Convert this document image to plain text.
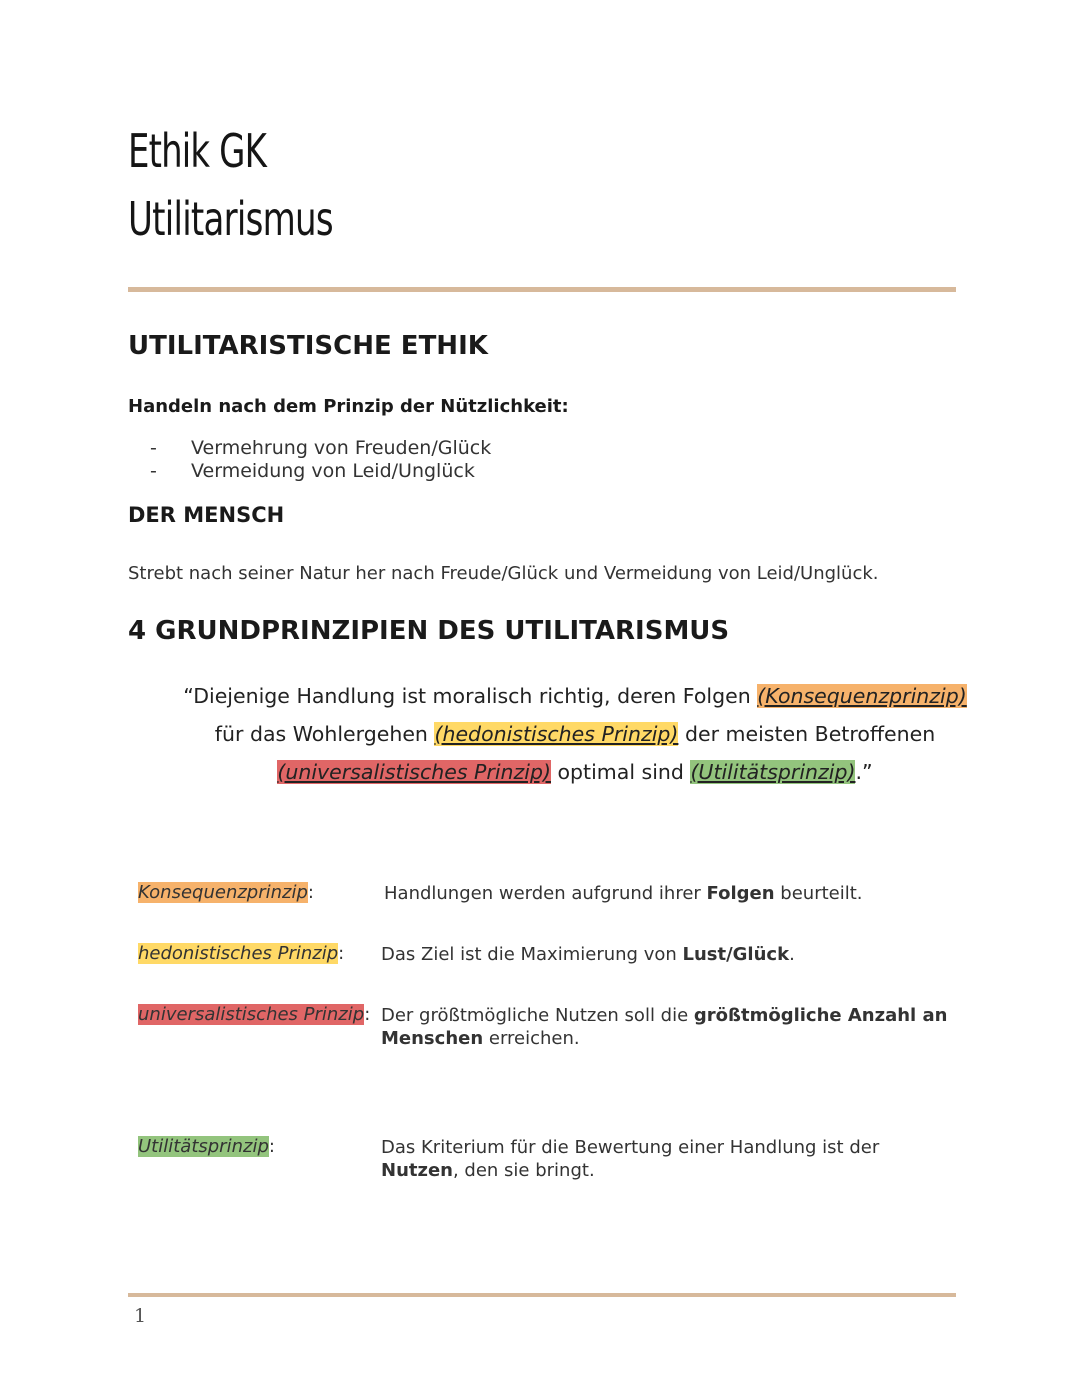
Ethik GK
Utilitarismus
UTILITARISTISCHE ETHIK
Handeln nach dem Prinzip der Nützlichkeit:
- Vermehrung von Freuden/Glück
- Vermeidung von Leid/Unglück
DER MENSCH
Strebt nach seiner Natur her nach Freude/Glück und Vermeidung von Leid/Unglück.
4 GRUNDPRINZIPIEN DES UTILITARISMUS
“Diejenige Handlung ist moralisch richtig, deren Folgen (Konsequenzprinzip)
für das Wohlergehen (hedonistisches Prinzip) der meisten Betroffenen
(universalistisches Prinzip) optimal sind (Utilitätsprinzip).”
Konsequenzprinzip:	Handlungen werden aufgrund ihrer Folgen beurteilt.
hedonistisches Prinzip: Das Ziel ist die Maximierung von Lust/Glück.
universalistisches Prinzip: Der größtmögliche Nutzen soll die größtmögliche Anzahl an Menschen erreichen.
Utilitätsprinzip:	Das Kriterium für die Bewertung einer Handlung ist der Nutzen, den sie bringt.
1
